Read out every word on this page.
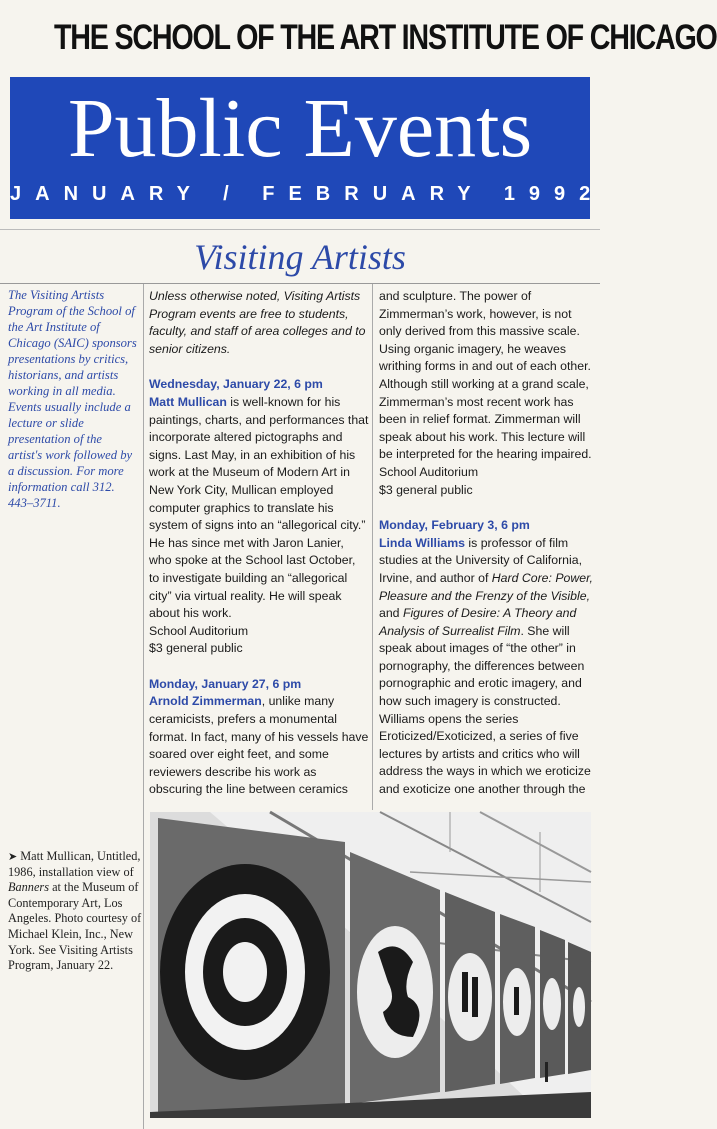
THE SCHOOL OF THE ART INSTITUTE OF CHICAGO
Public Events
JANUARY / FEBRUARY 1992
Visiting Artists
The Visiting Artists Program of the School of the Art Institute of Chicago (SAIC) sponsors presentations by critics, historians, and artists working in all media. Events usually include a lecture or slide presentation of the artist's work followed by a discussion. For more information call 312. 443–3711.

Unless otherwise noted, Visiting Artists Program events are free to students, faculty, and staff of area colleges and to senior citizens.

Wednesday, January 22, 6 pm

Matt Mullican is well-known for his paintings, charts, and performances that incorporate altered pictographs and signs. Last May, in an exhibition of his work at the Museum of Modern Art in New York City, Mullican employed computer graphics to translate his system of signs into an “allegorical city.” He has since met with Jaron Lanier, who spoke at the School last October, to investigate building an “allegorical city” via virtual reality. He will speak about his work.

School Auditorium

$3 general public

Monday, January 27, 6 pm

Arnold Zimmerman, unlike many ceramicists, prefers a monumental format. In fact, many of his vessels have soared over eight feet, and some reviewers describe his work as obscuring the line between ceramics

and sculpture. The power of Zimmerman’s work, however, is not only derived from this massive scale. Using organic imagery, he weaves writhing forms in and out of each other. Although still working at a grand scale, Zimmerman’s most recent work has been in relief format. Zimmerman will speak about his work. This lecture will be interpreted for the hearing impaired.

School Auditorium

$3 general public

Monday, February 3, 6 pm

Linda Williams is professor of film studies at the University of California, Irvine, and author of Hard Core: Power, Pleasure and the Frenzy of the Visible, and Figures of Desire: A Theory and Analysis of Surrealist Film. She will speak about images of “the other” in pornography, the differences between pornographic and erotic imagery, and how such imagery is constructed. Williams opens the series Eroticized/Exoticized, a series of five lectures by artists and critics who will address the ways in which we eroticize and exoticize one another through the

➤ Matt Mullican, Untitled, 1986, installation view of Banners at the Museum of Contemporary Art, Los Angeles. Photo courtesy of Michael Klein, Inc., New York. See Visiting Artists Program, January 22.
